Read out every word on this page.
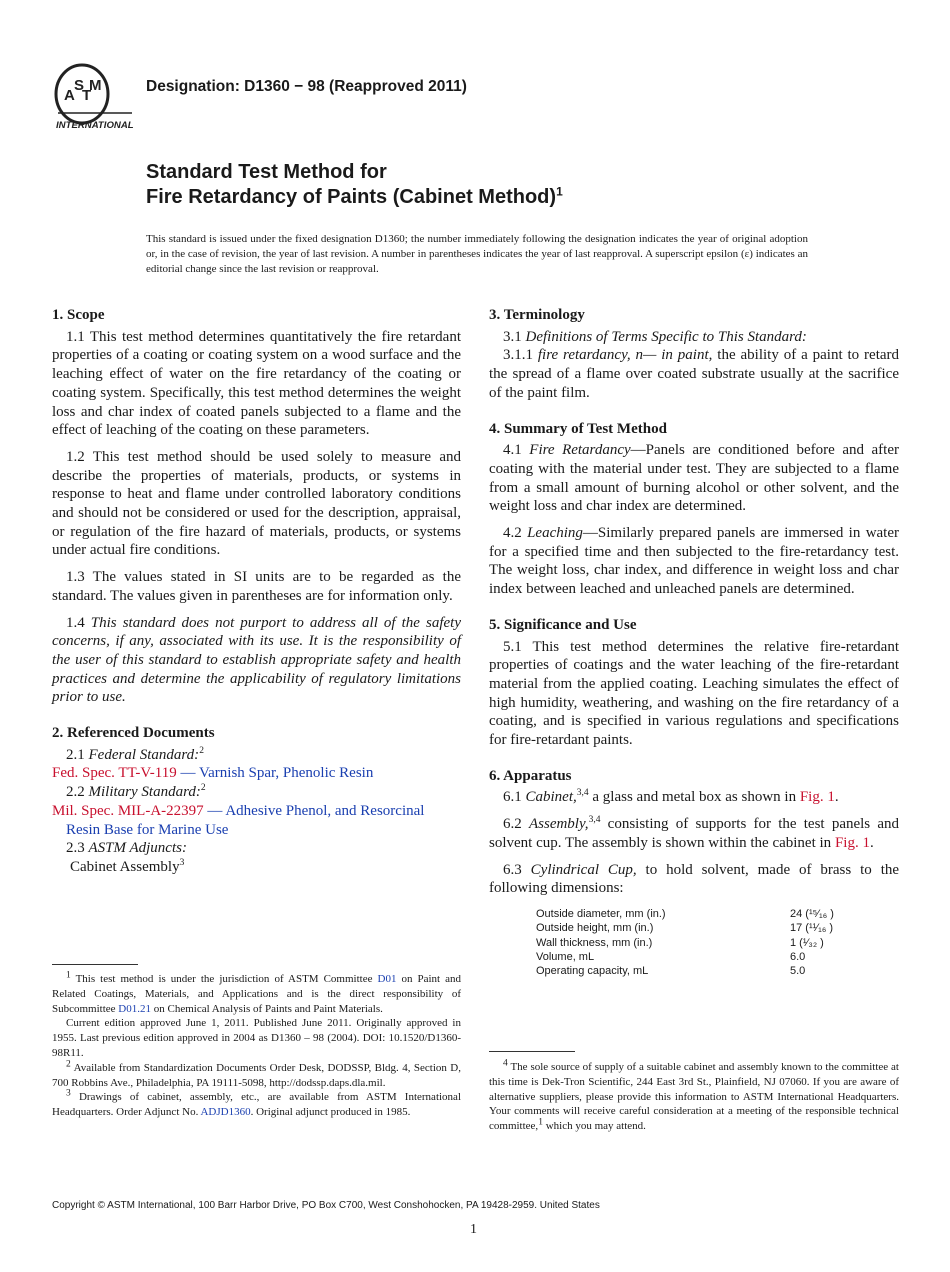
A
S
T
M
INTERNATIONAL
Designation: D1360 − 98 (Reapproved 2011)
Standard Test Method for
Fire Retardancy of Paints (Cabinet Method)$^1$
This standard is issued under the fixed designation D1360; the number immediately following the designation indicates the year of original adoption or, in the case of revision, the year of last revision. A number in parentheses indicates the year of last reapproval. A superscript epsilon (ε) indicates an editorial change since the last revision or reapproval.
1. Scope

1.1 This test method determines quantitatively the fire retardant properties of a coating or coating system on a wood surface and the leaching effect of water on the fire retardancy of the coating or coating system. Specifically, this test method determines the weight loss and char index of coated panels subjected to a flame and the effect of leaching of the coating on these parameters.

1.2 This test method should be used solely to measure and describe the properties of materials, products, or systems in response to heat and flame under controlled laboratory conditions and should not be considered or used for the description, appraisal, or regulation of the fire hazard of materials, products, or systems under actual fire conditions.

1.3 The values stated in SI units are to be regarded as the standard. The values given in parentheses are for information only.

1.4 This standard does not purport to address all of the safety concerns, if any, associated with its use. It is the responsibility of the user of this standard to establish appropriate safety and health practices and determine the applicability of regulatory limitations prior to use.

2. Referenced Documents

2.1 Federal Standard:$^2$

Fed. Spec. TT-V-119 — Varnish Spar, Phenolic Resin

2.2 Military Standard:$^2$

Mil. Spec. MIL-A-22397 — Adhesive Phenol, and Resorcinal Resin Base for Marine Use

2.3 ASTM Adjuncts:

Cabinet Assembly$^3$

$^1$ This test method is under the jurisdiction of ASTM Committee D01 on Paint and Related Coatings, Materials, and Applications and is the direct responsibility of Subcommittee D01.21 on Chemical Analysis of Paints and Paint Materials.

Current edition approved June 1, 2011. Published June 2011. Originally approved in 1955. Last previous edition approved in 2004 as D1360 – 98 (2004). DOI: 10.1520/D1360-98R11.

$^2$ Available from Standardization Documents Order Desk, DODSSP, Bldg. 4, Section D, 700 Robbins Ave., Philadelphia, PA 19111-5098, http://dodssp.daps.dla.mil.

$^3$ Drawings of cabinet, assembly, etc., are available from ASTM International Headquarters. Order Adjunct No. ADJD1360. Original adjunct produced in 1985.

3. Terminology

3.1 Definitions of Terms Specific to This Standard:

3.1.1 fire retardancy, n— in paint, the ability of a paint to retard the spread of a flame over coated substrate usually at the sacrifice of the paint film.

4. Summary of Test Method

4.1 Fire Retardancy—Panels are conditioned before and after coating with the material under test. They are subjected to a flame from a small amount of burning alcohol or other solvent, and the weight loss and char index are determined.

4.2 Leaching—Similarly prepared panels are immersed in water for a specified time and then subjected to the fire-retardancy test. The weight loss, char index, and difference in weight loss and char index between leached and unleached panels are determined.

5. Significance and Use

5.1 This test method determines the relative fire-retardant properties of coatings and the water leaching of the fire-retardant material from the applied coating. Leaching simulates the effect of high humidity, weathering, and washing on the fire retardancy of a coating, and is specified in various regulations and specifications for fire-retardant paints.

6. Apparatus

6.1 Cabinet,$^{3,4}$ a glass and metal box as shown in Fig. 1.

6.2 Assembly,$^{3,4}$ consisting of supports for the test panels and solvent cup. The assembly is shown within the cabinet in Fig. 1.

6.3 Cylindrical Cup, to hold solvent, made of brass to the following dimensions:

Outside diameter, mm (in.)	24 (¹⁵⁄₁₆ )
Outside height, mm (in.)	17 (¹¹⁄₁₆ )
Wall thickness, mm (in.)	1 (¹⁄₃₂ )
Volume, mL	6.0
Operating capacity, mL	5.0

$^4$ The sole source of supply of a suitable cabinet and assembly known to the committee at this time is Dek-Tron Scientific, 244 East 3rd St., Plainfield, NJ 07060. If you are aware of alternative suppliers, please provide this information to ASTM International Headquarters. Your comments will receive careful consideration at a meeting of the responsible technical committee,$^1$ which you may attend.

Copyright © ASTM International, 100 Barr Harbor Drive, PO Box C700, West Conshohocken, PA 19428-2959. United States
1
